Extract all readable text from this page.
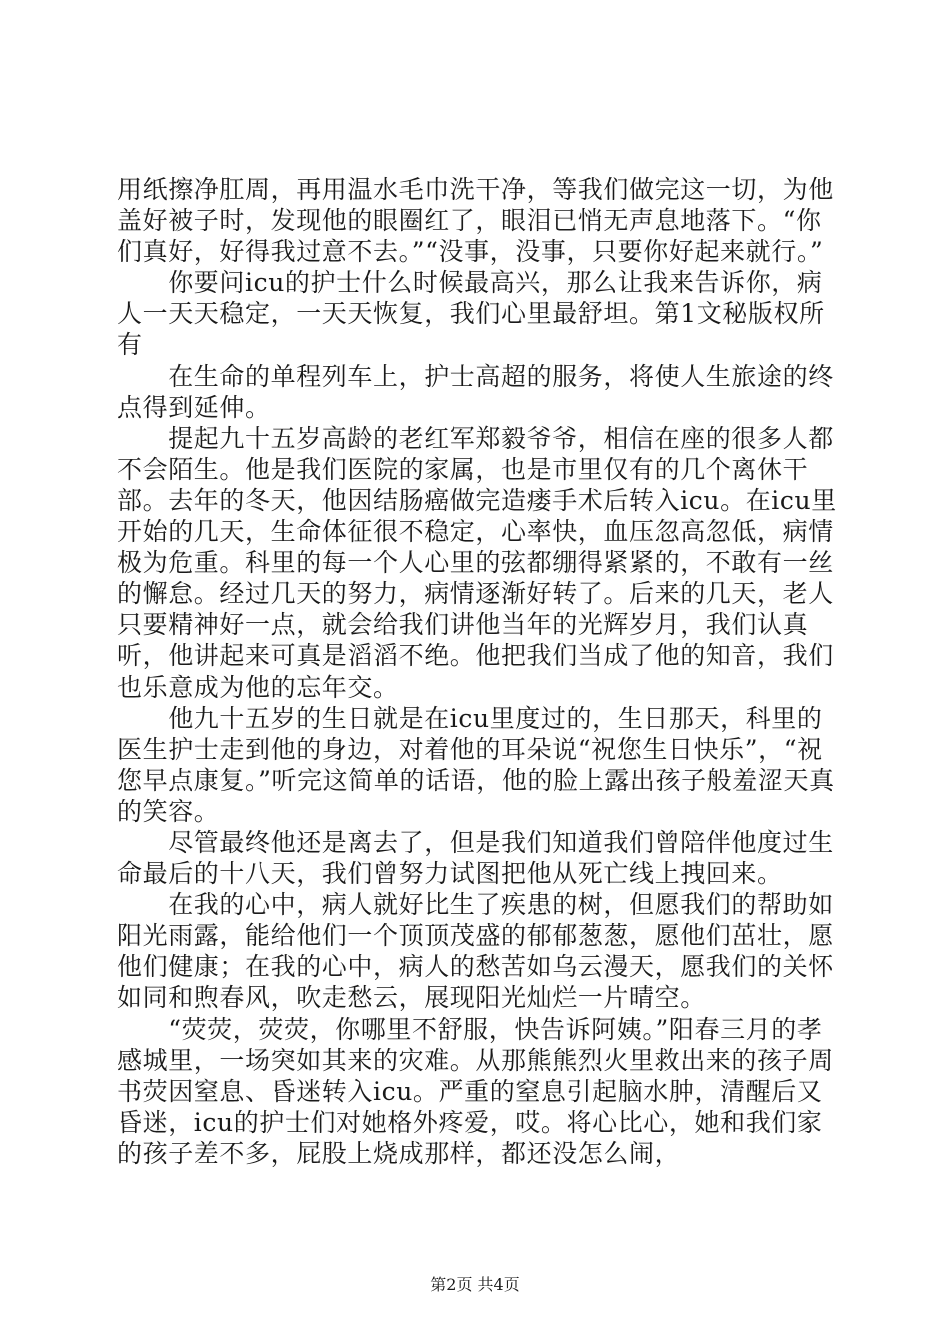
用纸擦净肛周，再用温水毛巾洗干净，等我们做完这一切，为他盖好被子时，发现他的眼圈红了，眼泪已悄无声息地落下。“你们真好，好得我过意不去。”“没事，没事，只要你好起来就行。”

　　你要问icu的护士什么时候最高兴，那么让我来告诉你，病人一天天稳定，一天天恢复，我们心里最舒坦。第1文秘版权所有

　　在生命的单程列车上，护士高超的服务，将使人生旅途的终点得到延伸。

　　提起九十五岁高龄的老红军郑毅爷爷，相信在座的很多人都不会陌生。他是我们医院的家属，也是市里仅有的几个离休干部。去年的冬天，他因结肠癌做完造瘘手术后转入icu。在icu里开始的几天，生命体征很不稳定，心率快，血压忽高忽低，病情极为危重。科里的每一个人心里的弦都绷得紧紧的，不敢有一丝的懈怠。经过几天的努力，病情逐渐好转了。后来的几天，老人只要精神好一点，就会给我们讲他当年的光辉岁月，我们认真听，他讲起来可真是滔滔不绝。他把我们当成了他的知音，我们也乐意成为他的忘年交。

　　他九十五岁的生日就是在icu里度过的，生日那天，科里的医生护士走到他的身边，对着他的耳朵说“祝您生日快乐”，“祝您早点康复。”听完这简单的话语，他的脸上露出孩子般羞涩天真的笑容。

　　尽管最终他还是离去了，但是我们知道我们曾陪伴他度过生命最后的十八天，我们曾努力试图把他从死亡线上拽回来。

　　在我的心中，病人就好比生了疾患的树，但愿我们的帮助如阳光雨露，能给他们一个顶顶茂盛的郁郁葱葱，愿他们茁壮，愿他们健康；在我的心中，病人的愁苦如乌云漫天，愿我们的关怀如同和煦春风，吹走愁云，展现阳光灿烂一片晴空。

　　“荧荧，荧荧，你哪里不舒服，快告诉阿姨。”阳春三月的孝感城里，一场突如其来的灾难。从那熊熊烈火里救出来的孩子周书荧因窒息、昏迷转入icu。严重的窒息引起脑水肿，清醒后又昏迷，icu的护士们对她格外疼爱，哎。将心比心，她和我们家的孩子差不多，屁股上烧成那样，都还没怎么闹，

第2页 共4页
